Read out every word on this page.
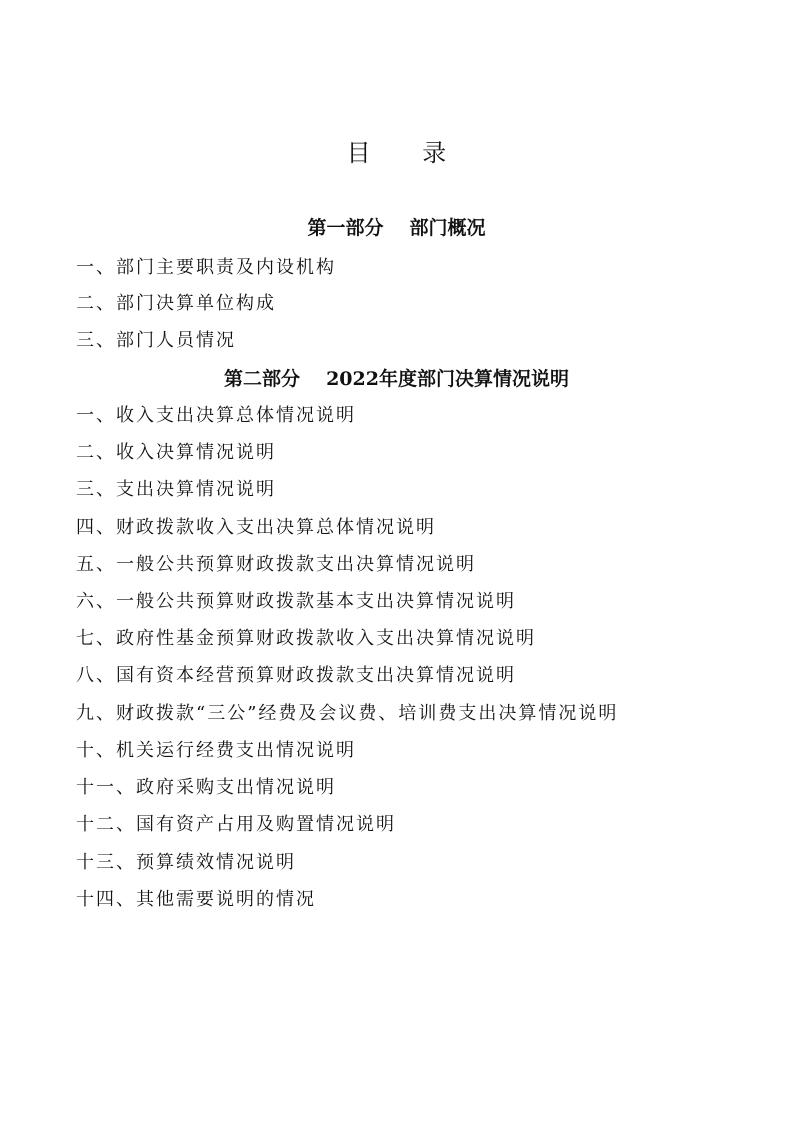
目 录
第一部分 部门概况
一、部门主要职责及内设机构
二、部门决算单位构成
三、部门人员情况
第二部分 2022年度部门决算情况说明
一、收入支出决算总体情况说明
二、收入决算情况说明
三、支出决算情况说明
四、财政拨款收入支出决算总体情况说明
五、一般公共预算财政拨款支出决算情况说明
六、一般公共预算财政拨款基本支出决算情况说明
七、政府性基金预算财政拨款收入支出决算情况说明
八、国有资本经营预算财政拨款支出决算情况说明
九、财政拨款“三公”经费及会议费、培训费支出决算情况说明
十、机关运行经费支出情况说明
十一、政府采购支出情况说明
十二、国有资产占用及购置情况说明
十三、预算绩效情况说明
十四、其他需要说明的情况
